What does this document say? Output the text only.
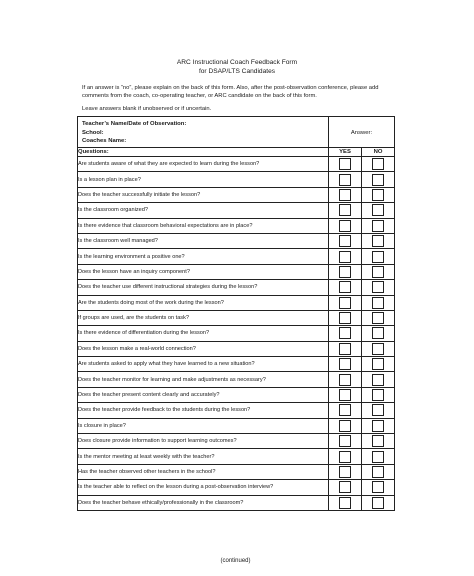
ARC Instructional Coach Feedback Form
for DSAP/LTS Candidates

If an answer is “no”, please explain on the back of this form. Also, after the post-observation conference, please add

comments from the coach, co-operating teacher, or ARC candidate on the back of this form.

Leave answers blank if unobserved or if uncertain.

Teacher’s Name/Date of Observation:
School:
Coaches Name:	Answer:	

Questions:	YES	NO
Are students aware of what they are expected to learn during the lesson?		
Is a lesson plan in place?		
Does the teacher successfully initiate the lesson?		
Is the classroom organized?		
Is there evidence that classroom behavioral expectations are in place?		
Is the classroom well managed?		
Is the learning environment a positive one?		
Does the lesson have an inquiry component?		
Does the teacher use different instructional strategies during the lesson?		
Are the students doing most of the work during the lesson?		
If groups are used, are the students on task?		
Is there evidence of differentiation during the lesson?		
Does the lesson make a real-world connection?		
Are students asked to apply what they have learned to a new situation?		
Does the teacher monitor for learning and make adjustments as necessary?		
Does the teacher present content clearly and accurately?		
Does the teacher provide feedback to the students during the lesson?		
Is closure in place?		
Does closure provide information to support learning outcomes?		
Is the mentor meeting at least weekly with the teacher?		
Has the teacher observed other teachers in the school?		
Is the teacher able to reflect on the lesson during a post-observation interview?		
Does the teacher behave ethically/professionally in the classroom?		
(continued)
